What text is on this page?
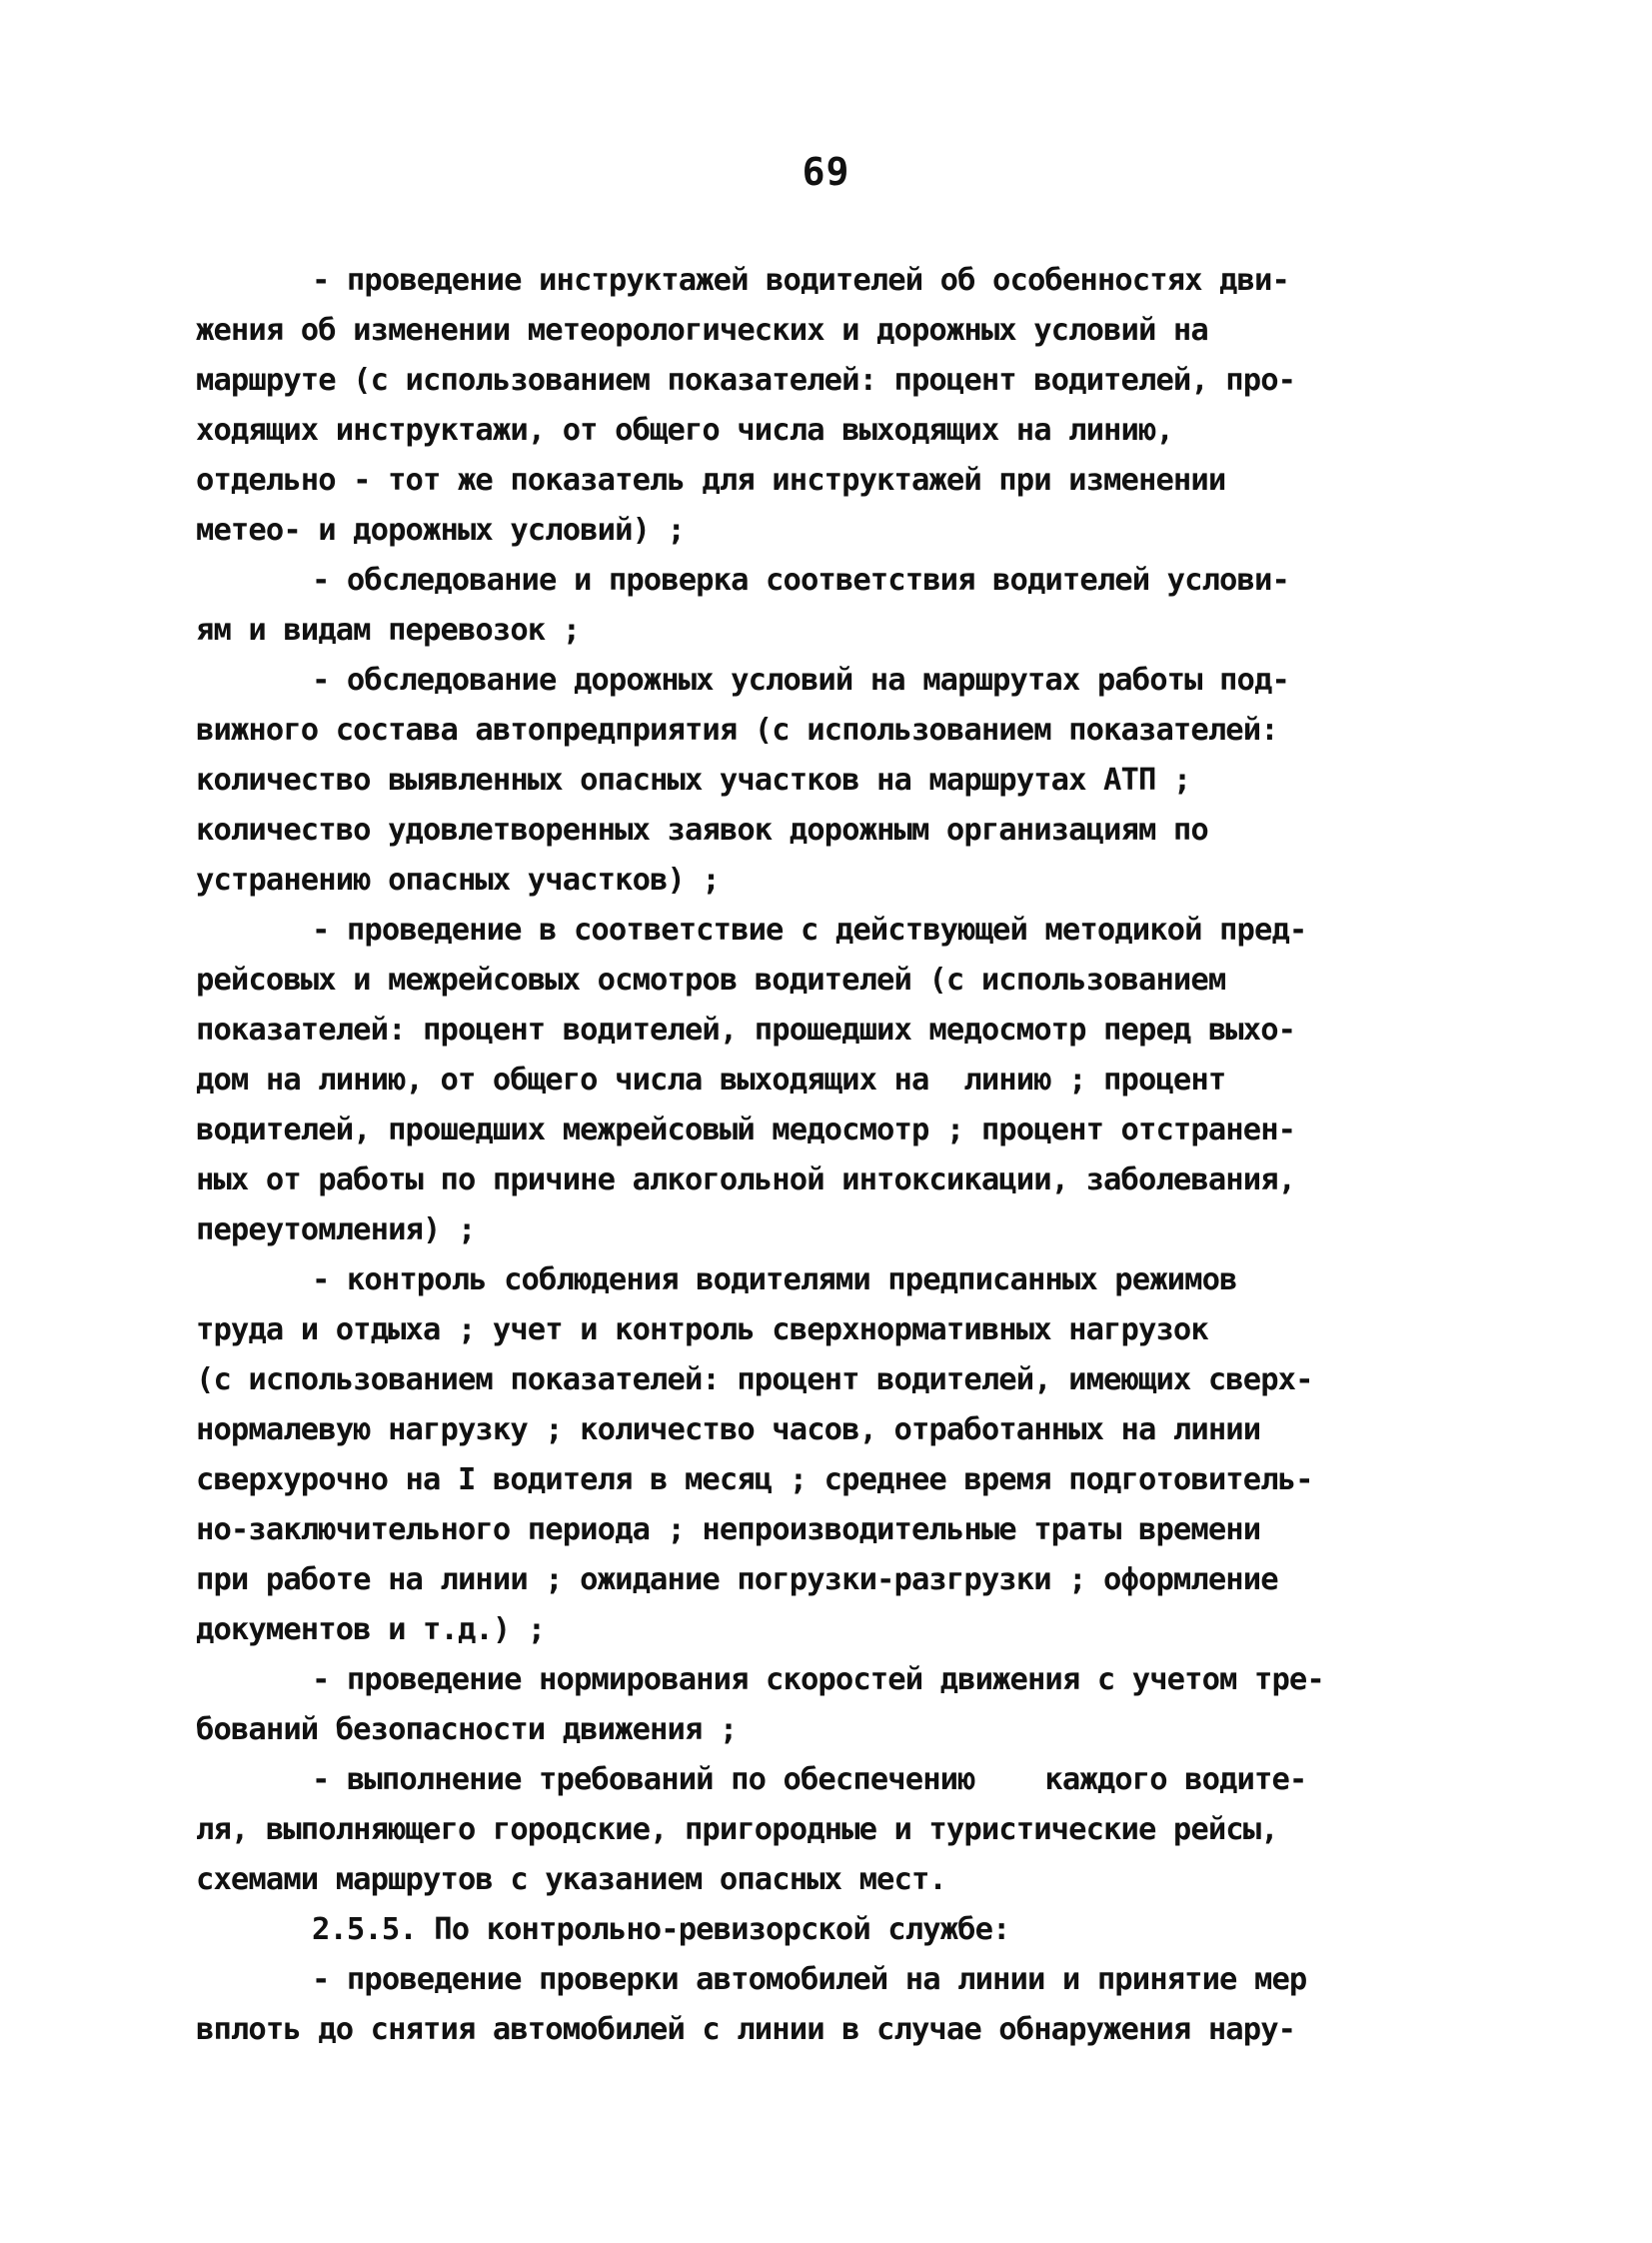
69
- проведение инструктажей водителей об особенностях дви-
жения об изменении метеорологических и дорожных условий на
маршруте (с использованием показателей: процент водителей, про-
ходящих инструктажи, от общего числа выходящих на линию,
отдельно - тот же показатель для инструктажей при изменении
метео- и дорожных условий) ;
- обследование и проверка соответствия водителей услови-
ям и видам перевозок ;
- обследование дорожных условий на маршрутах работы под-
вижного состава автопредприятия (с использованием показателей:
количество выявленных опасных участков на маршрутах АТП ;
количество удовлетворенных заявок дорожным организациям по
устранению опасных участков) ;
- проведение в соответствие с действующей методикой пред-
рейсовых и межрейсовых осмотров водителей (с использованием
показателей: процент водителей, прошедших медосмотр перед выхо-
дом на линию, от общего числа выходящих на  линию ; процент
водителей, прошедших межрейсовый медосмотр ; процент отстранен-
ных от работы по причине алкогольной интоксикации, заболевания,
переутомления) ;
- контроль соблюдения водителями предписанных режимов
труда и отдыха ; учет и контроль сверхнормативных нагрузок
(с использованием показателей: процент водителей, имеющих сверх-
нормалевую нагрузку ; количество часов, отработанных на линии
сверхурочно на I водителя в месяц ; среднее время подготовитель-
но-заключительного периода ; непроизводительные траты времени
при работе на линии ; ожидание погрузки-разгрузки ; оформление
документов и т.д.) ;
- проведение нормирования скоростей движения с учетом тре-
бований безопасности движения ;
- выполнение требований по обеспечению    каждого водите-
ля, выполняющего городские, пригородные и туристические рейсы,
схемами маршрутов с указанием опасных мест.
2.5.5. По контрольно-ревизорской службе:
- проведение проверки автомобилей на линии и принятие мер
вплоть до снятия автомобилей с линии в случае обнаружения нару-
